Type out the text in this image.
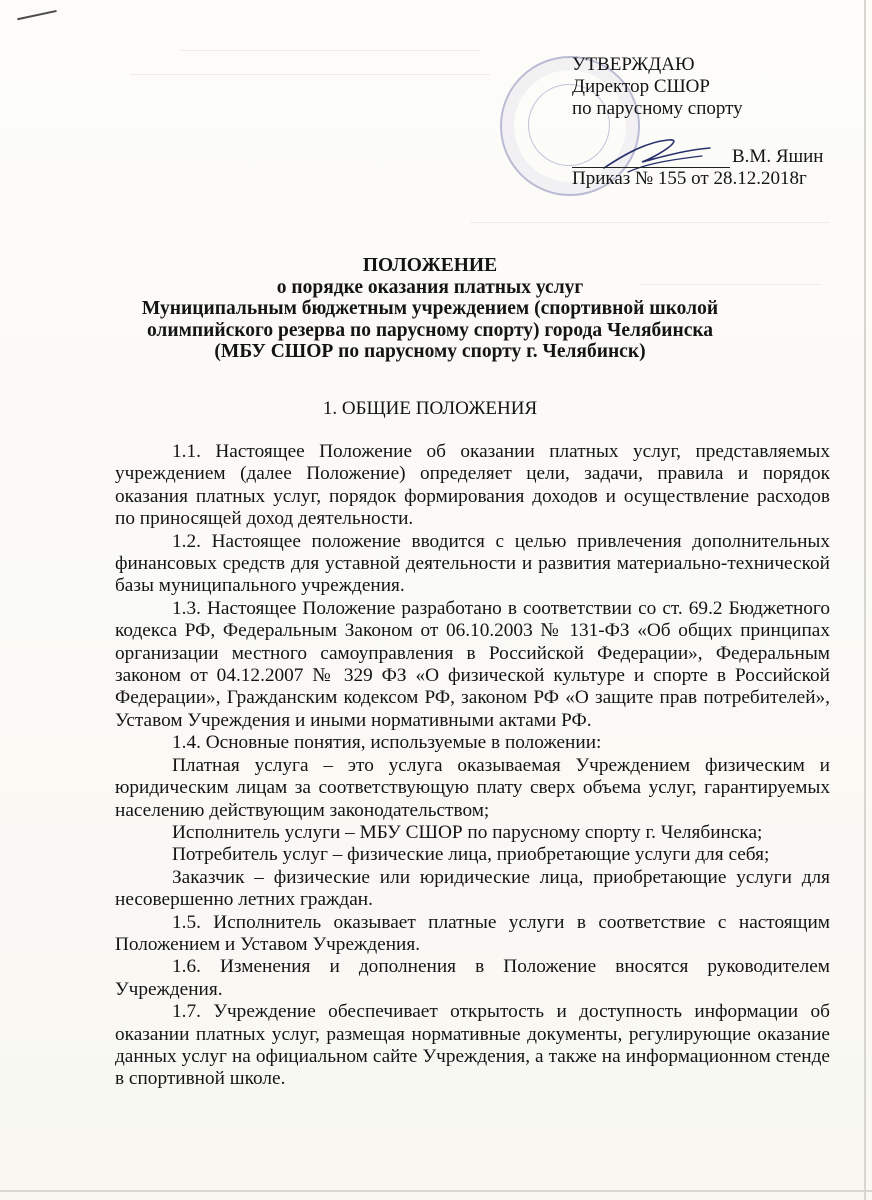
УТВЕРЖДАЮ
Директор СШОР
по парусному спорту
В.М. Яшин
Приказ № 155 от 28.12.2018г
ПОЛОЖЕНИЕ
о порядке оказания платных услуг
Муниципальным бюджетным учреждением (спортивной школой
олимпийского резерва по парусному спорту) города Челябинска
(МБУ СШОР по парусному спорту г. Челябинск)
1. ОБЩИЕ ПОЛОЖЕНИЯ

1.1. Настоящее Положение об оказании платных услуг, представляемых учреждением (далее Положение) определяет цели, задачи, правила и порядок оказания платных услуг, порядок формирования доходов и осуществление расходов по приносящей доход деятельности.

1.2. Настоящее положение вводится с целью привлечения дополнительных финансовых средств для уставной деятельности и развития материально-технической базы муниципального учреждения.

1.3. Настоящее Положение разработано в соответствии со ст. 69.2 Бюджетного кодекса РФ, Федеральным Законом от 06.10.2003 № 131-ФЗ «Об общих принципах организации местного самоуправления в Российской Федерации», Федеральным законом от 04.12.2007 № 329 ФЗ «О физической культуре и спорте в Российской Федерации», Гражданским кодексом РФ, законом РФ «О защите прав потребителей», Уставом Учреждения и иными нормативными актами РФ.

1.4. Основные понятия, используемые в положении:

Платная услуга – это услуга оказываемая Учреждением физическим и юридическим лицам за соответствующую плату сверх объема услуг, гарантируемых населению действующим законодательством;

Исполнитель услуги – МБУ СШОР по парусному спорту г. Челябинска;

Потребитель услуг – физические лица, приобретающие услуги для себя;

Заказчик – физические или юридические лица, приобретающие услуги для несовершенно летних граждан.

1.5. Исполнитель оказывает платные услуги в соответствие с настоящим Положением и Уставом Учреждения.

1.6. Изменения и дополнения в Положение вносятся руководителем Учреждения.

1.7. Учреждение обеспечивает открытость и доступность информации об оказании платных услуг, размещая нормативные документы, регулирующие оказание данных услуг на официальном сайте Учреждения, а также на информационном стенде в спортивной школе.
